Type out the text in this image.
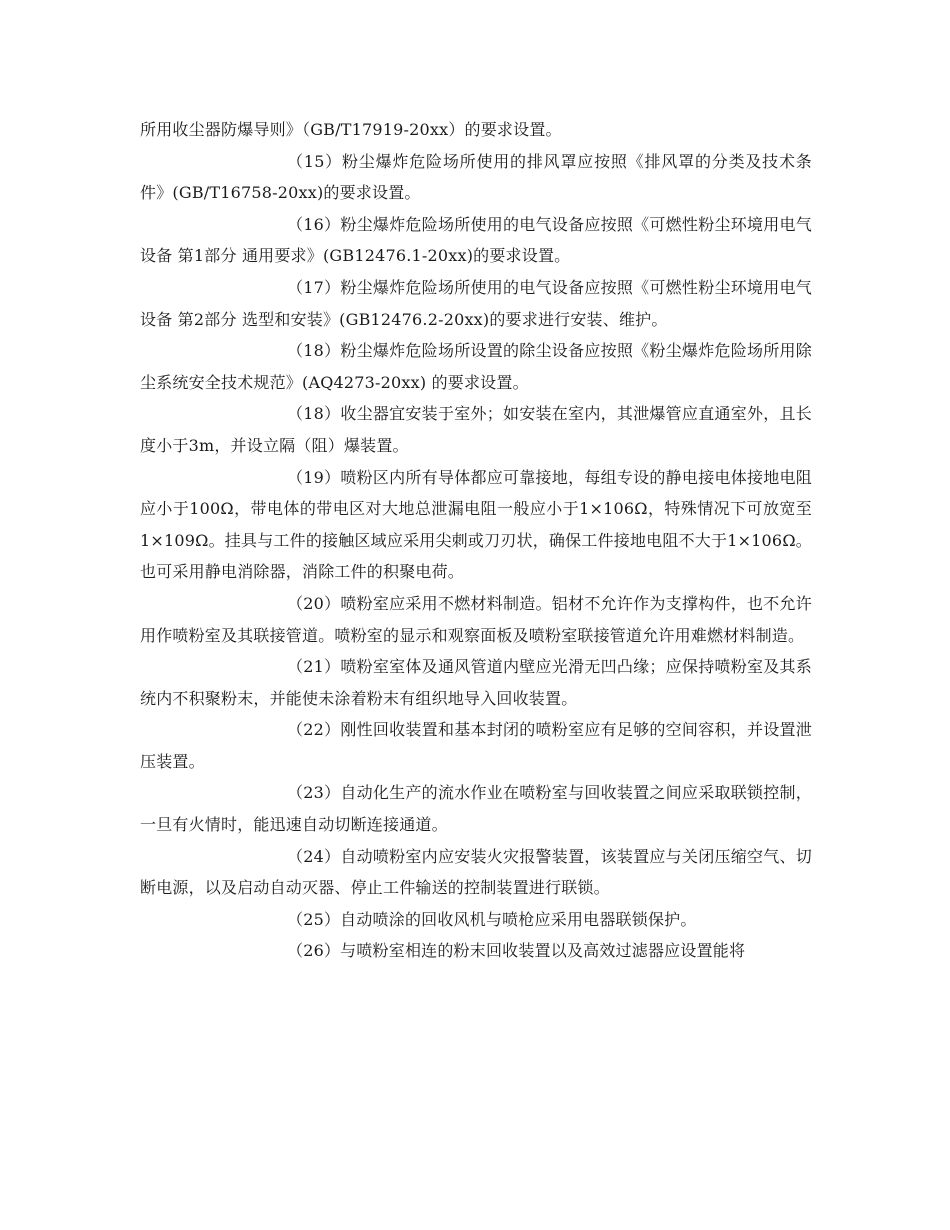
所用收尘器防爆导则》（GB/T17919-20xx）的要求设置。

（15）粉尘爆炸危险场所使用的排风罩应按照《排风罩的分类及技术条件》(GB/T16758-20xx)的要求设置。

（16）粉尘爆炸危险场所使用的电气设备应按照《可燃性粉尘环境用电气设备 第1部分 通用要求》(GB12476.1-20xx)的要求设置。

（17）粉尘爆炸危险场所使用的电气设备应按照《可燃性粉尘环境用电气设备 第2部分 选型和安装》(GB12476.2-20xx)的要求进行安装、维护。

（18）粉尘爆炸危险场所设置的除尘设备应按照《粉尘爆炸危险场所用除尘系统安全技术规范》(AQ4273-20xx) 的要求设置。

（18）收尘器宜安装于室外；如安装在室内，其泄爆管应直通室外，且长度小于3m，并设立隔（阻）爆装置。

（19）喷粉区内所有导体都应可靠接地，每组专设的静电接电体接地电阻应小于100Ω，带电体的带电区对大地总泄漏电阻一般应小于1×106Ω，特殊情况下可放宽至1×109Ω。挂具与工件的接触区域应采用尖刺或刀刃状，确保工件接地电阻不大于1×106Ω。也可采用静电消除器，消除工件的积聚电荷。

（20）喷粉室应采用不燃材料制造。铝材不允许作为支撑构件，也不允许用作喷粉室及其联接管道。喷粉室的显示和观察面板及喷粉室联接管道允许用难燃材料制造。

（21）喷粉室室体及通风管道内壁应光滑无凹凸缘；应保持喷粉室及其系统内不积聚粉末，并能使未涂着粉末有组织地导入回收装置。

（22）刚性回收装置和基本封闭的喷粉室应有足够的空间容积，并设置泄压装置。

（23）自动化生产的流水作业在喷粉室与回收装置之间应采取联锁控制，一旦有火情时，能迅速自动切断连接通道。

（24）自动喷粉室内应安装火灾报警装置，该装置应与关闭压缩空气、切断电源，以及启动自动灭器、停止工件输送的控制装置进行联锁。

（25）自动喷涂的回收风机与喷枪应采用电器联锁保护。

（26）与喷粉室相连的粉末回收装置以及高效过滤器应设置能将
